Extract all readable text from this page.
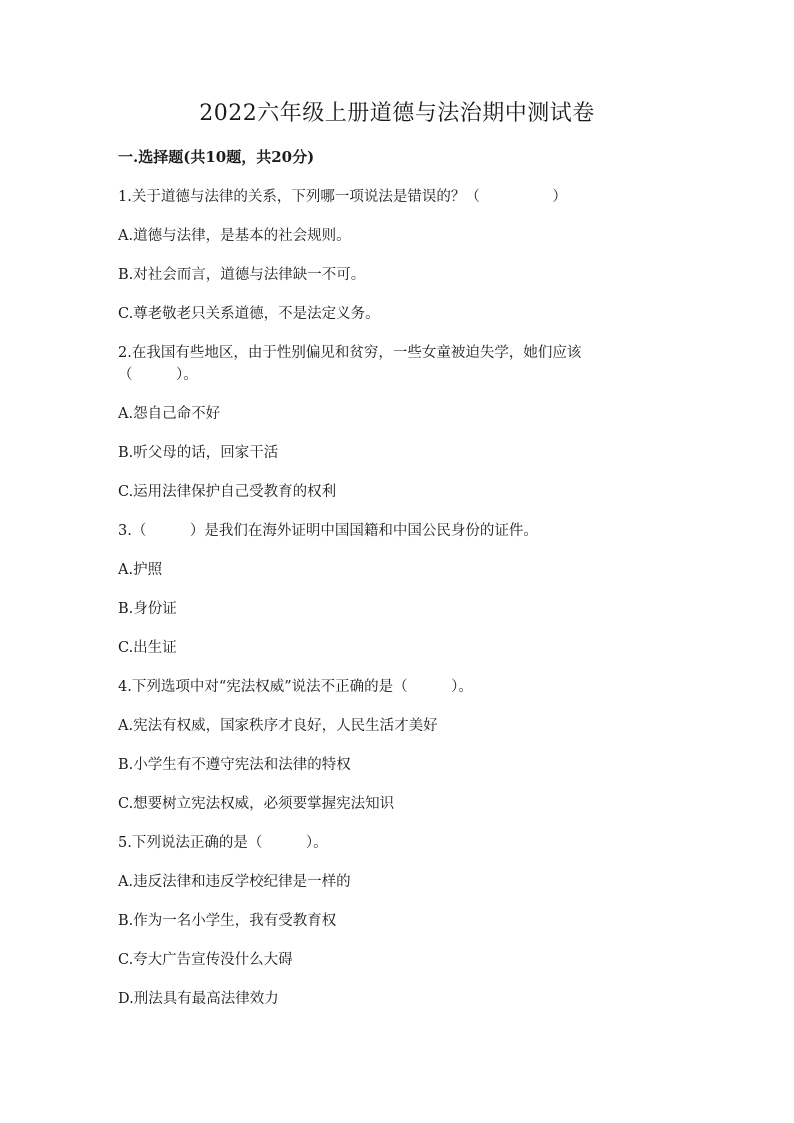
2022六年级上册道德与法治期中测试卷
一.选择题(共10题，共20分)

1.关于道德与法律的关系，下列哪一项说法是错误的？（　　　　　）

A.道德与法律，是基本的社会规则。

B.对社会而言，道德与法律缺一不可。

C.尊老敬老只关系道德，不是法定义务。

2.在我国有些地区，由于性别偏见和贫穷，一些女童被迫失学，她们应该
（　　　）。

A.怨自己命不好

B.听父母的话，回家干活

C.运用法律保护自己受教育的权利

3.（　　　）是我们在海外证明中国国籍和中国公民身份的证件。

A.护照

B.身份证

C.出生证

4.下列选项中对“宪法权威”说法不正确的是（　　　）。

A.宪法有权威，国家秩序才良好，人民生活才美好

B.小学生有不遵守宪法和法律的特权

C.想要树立宪法权威，必须要掌握宪法知识

5.下列说法正确的是（　　　）。

A.违反法律和违反学校纪律是一样的

B.作为一名小学生，我有受教育权

C.夸大广告宣传没什么大碍

D.刑法具有最高法律效力
